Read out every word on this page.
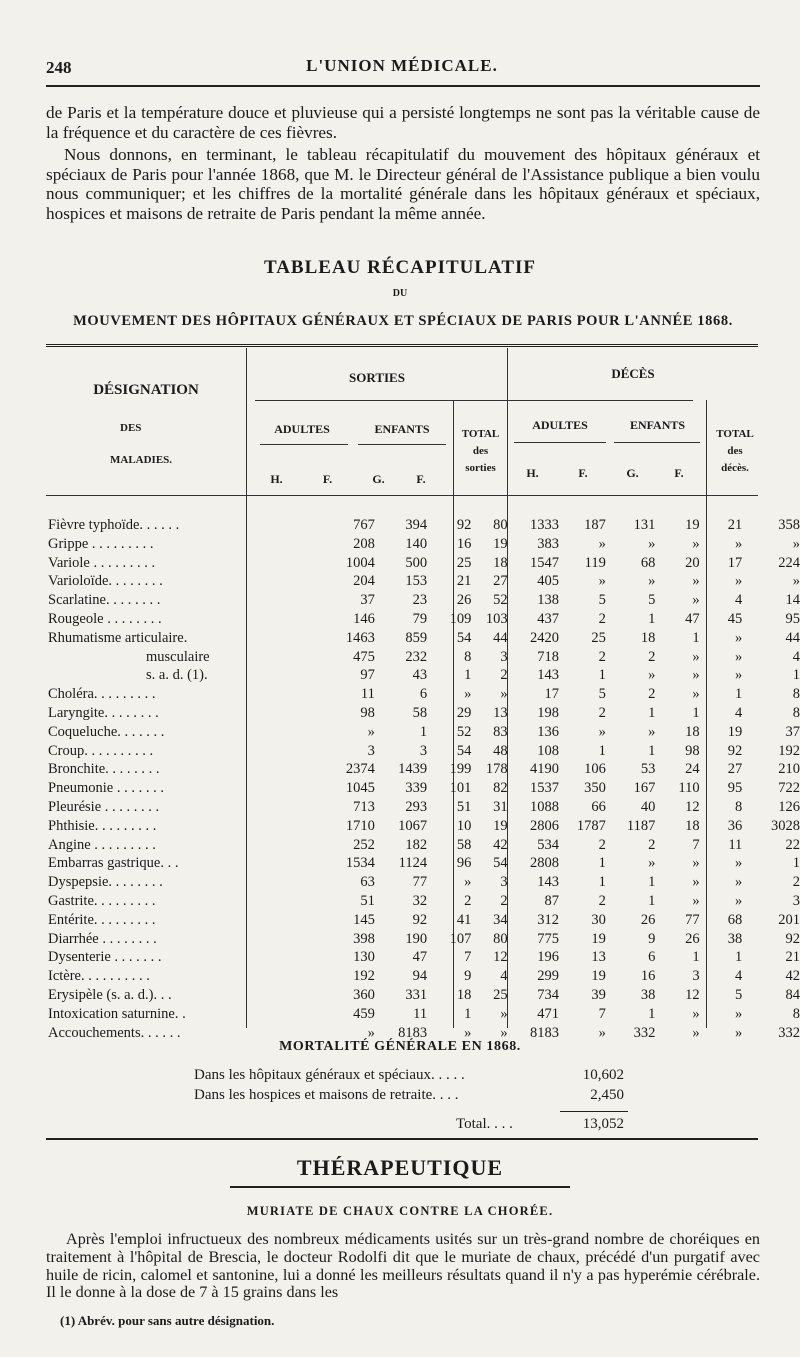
248	L'UNION MÉDICALE.
de Paris et la température douce et pluvieuse qui a persisté longtemps ne sont pas la véritable cause de la fréquence et du caractère de ces fièvres.
Nous donnons, en terminant, le tableau récapitulatif du mouvement des hôpitaux généraux et spéciaux de Paris pour l'année 1868, que M. le Directeur général de l'Assistance publique a bien voulu nous communiquer; et les chiffres de la mortalité générale dans les hôpitaux généraux et spéciaux, hospices et maisons de retraite de Paris pendant la même année.
TABLEAU RÉCAPITULATIF
DU
MOUVEMENT DES HÔPITAUX GÉNÉRAUX ET SPÉCIAUX DE PARIS POUR L'ANNÉE 1868.
DÉSIGNATION
DES
MALADIES.
SORTIES	DÉCÈS
ADULTES	ENFANTS	TOTAL
des
sorties
ADULTES	ENFANTS
TOTAL
des
décès.
H.	F.	G.	F.	H.	F.	G.	F.
Fièvre typhoïde. . . . . .	767	394	92	80	1333	187	131	19	21	358
Grippe . . . . . . . . .	208	140	16	19	383	»	»	»	»	»
Variole . . . . . . . . .	1004	500	25	18	1547	119	68	20	17	224
Varioloïde. . . . . . . .	204	153	21	27	405	»	»	»	»	»
Scarlatine. . . . . . . .	37	23	26	52	138	5	5	»	4	14
Rougeole . . . . . . . .	146	79	109	103	437	2	1	47	45	95
Rhumatisme articulaire.	1463	859	54	44	2420	25	18	1	»	44
musculaire	475	232	8	3	718	2	2	»	»	4
s. a. d. (1).	97	43	1	2	143	1	»	»	»	1
Choléra. . . . . . . . .	11	6	»	»	17	5	2	»	1	8
Laryngite. . . . . . . .	98	58	29	13	198	2	1	1	4	8
Coqueluche. . . . . . .	»	1	52	83	136	»	»	18	19	37
Croup. . . . . . . . . .	3	3	54	48	108	1	1	98	92	192
Bronchite. . . . . . . .	2374	1439	199	178	4190	106	53	24	27	210
Pneumonie . . . . . . .	1045	339	101	82	1537	350	167	110	95	722
Pleurésie . . . . . . . .	713	293	51	31	1088	66	40	12	8	126
Phthisie. . . . . . . . .	1710	1067	10	19	2806	1787	1187	18	36	3028
Angine . . . . . . . . .	252	182	58	42	534	2	2	7	11	22
Embarras gastrique. . .	1534	1124	96	54	2808	1	»	»	»	1
Dyspepsie. . . . . . . .	63	77	»	3	143	1	1	»	»	2
Gastrite. . . . . . . . .	51	32	2	2	87	2	1	»	»	3
Entérite. . . . . . . . .	145	92	41	34	312	30	26	77	68	201
Diarrhée . . . . . . . .	398	190	107	80	775	19	9	26	38	92
Dysenterie . . . . . . .	130	47	7	12	196	13	6	1	1	21
Ictère. . . . . . . . . .	192	94	9	4	299	19	16	3	4	42
Erysipèle (s. a. d.). . .	360	331	18	25	734	39	38	12	5	84
Intoxication saturnine. .	459	11	1	»	471	7	1	»	»	8
Accouchements. . . . . .	»	8183	»	»	8183	»	332	»	»	332
MORTALITÉ GÉNÉRALE EN 1868.
Dans les hôpitaux généraux et spéciaux. . . . .	10,602
Dans les hospices et maisons de retraite. . . .	2,450
Total. . . .	13,052
THÉRAPEUTIQUE
MURIATE DE CHAUX CONTRE LA CHORÉE.
Après l'emploi infructueux des nombreux médicaments usités sur un très-grand nombre de choréiques en traitement à l'hôpital de Brescia, le docteur Rodolfi dit que le muriate de chaux, précédé d'un purgatif avec huile de ricin, calomel et santonine, lui a donné les meilleurs résultats quand il n'y a pas hyperémie cérébrale. Il le donne à la dose de 7 à 15 grains dans les
(1) Abrév. pour sans autre désignation.
